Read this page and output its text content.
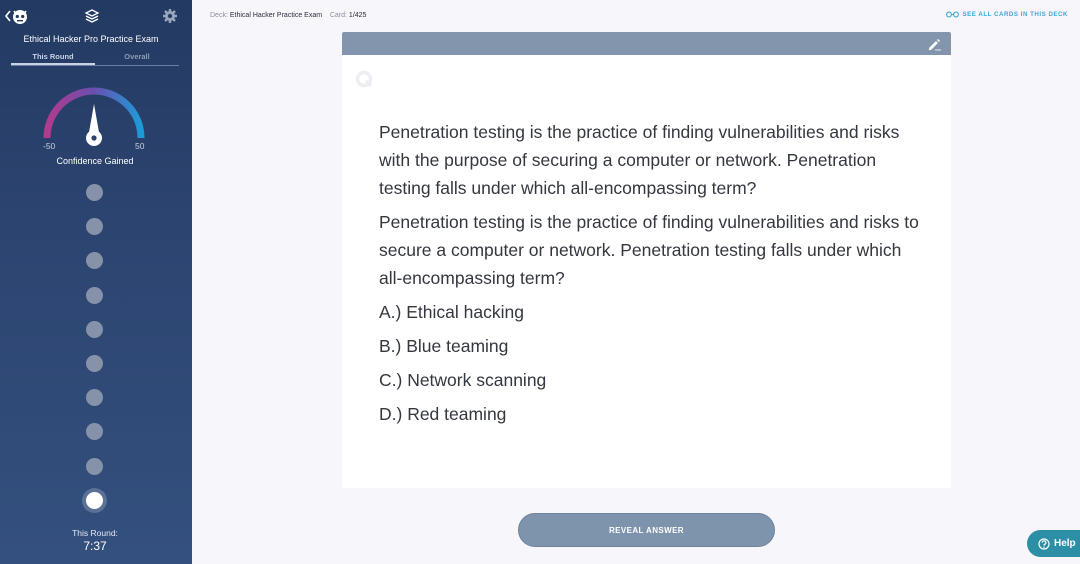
Ethical Hacker Pro Practice Exam
This Round	Overall
-50	50
Confidence Gained
This Round:
7:37
Deck: Ethical Hacker Practice Exam Card: 1/425	SEE ALL CARDS IN THIS DECK

Penetration testing is the practice of finding vulnerabilities and risks with the purpose of securing a computer or network. Penetration testing falls under which all-encompassing term?

Penetration testing is the practice of finding vulnerabilities and risks to secure a computer or network. Penetration testing falls under which all-encompassing term?

A.) Ethical hacking
B.) Blue teaming
C.) Network scanning
D.) Red teaming
REVEAL ANSWER
Help
